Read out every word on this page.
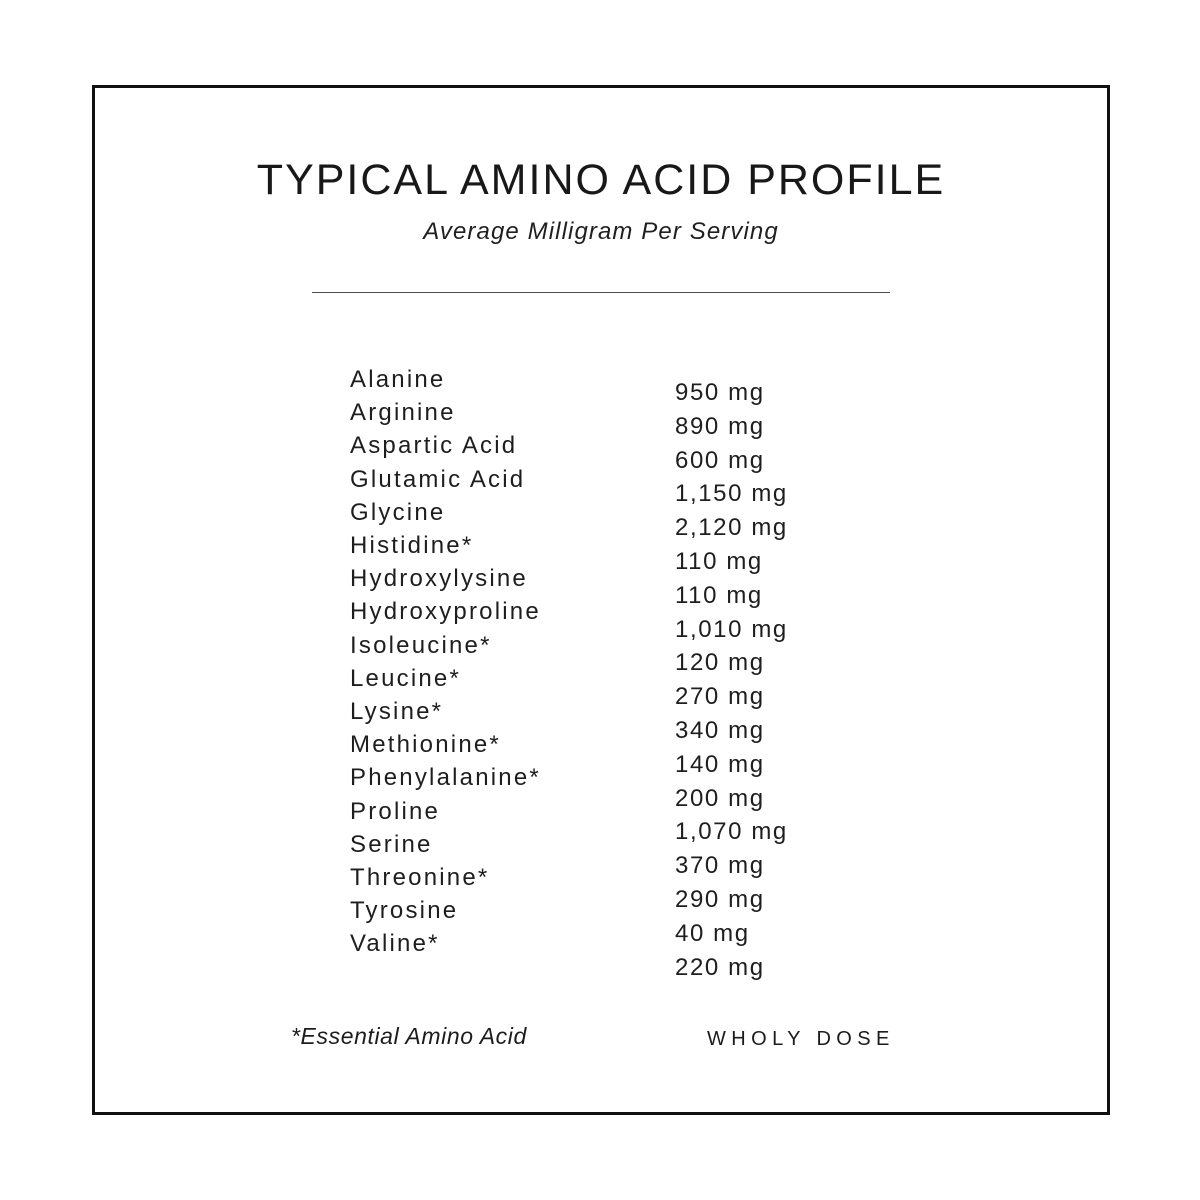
TYPICAL AMINO ACID PROFILE
Average Milligram Per Serving
Alanine
Arginine
Aspartic Acid
Glutamic Acid
Glycine
Histidine*
Hydroxylysine
Hydroxyproline
Isoleucine*
Leucine*
Lysine*
Methionine*
Phenylalanine*
Proline
Serine
Threonine*
Tyrosine
Valine*
950 mg
890 mg
600 mg
1,150 mg
2,120 mg
110 mg
110 mg
1,010 mg
120 mg
270 mg
340 mg
140 mg
200 mg
1,070 mg
370 mg
290 mg
40 mg
220 mg
*Essential Amino Acid	WHOLY DOSE
